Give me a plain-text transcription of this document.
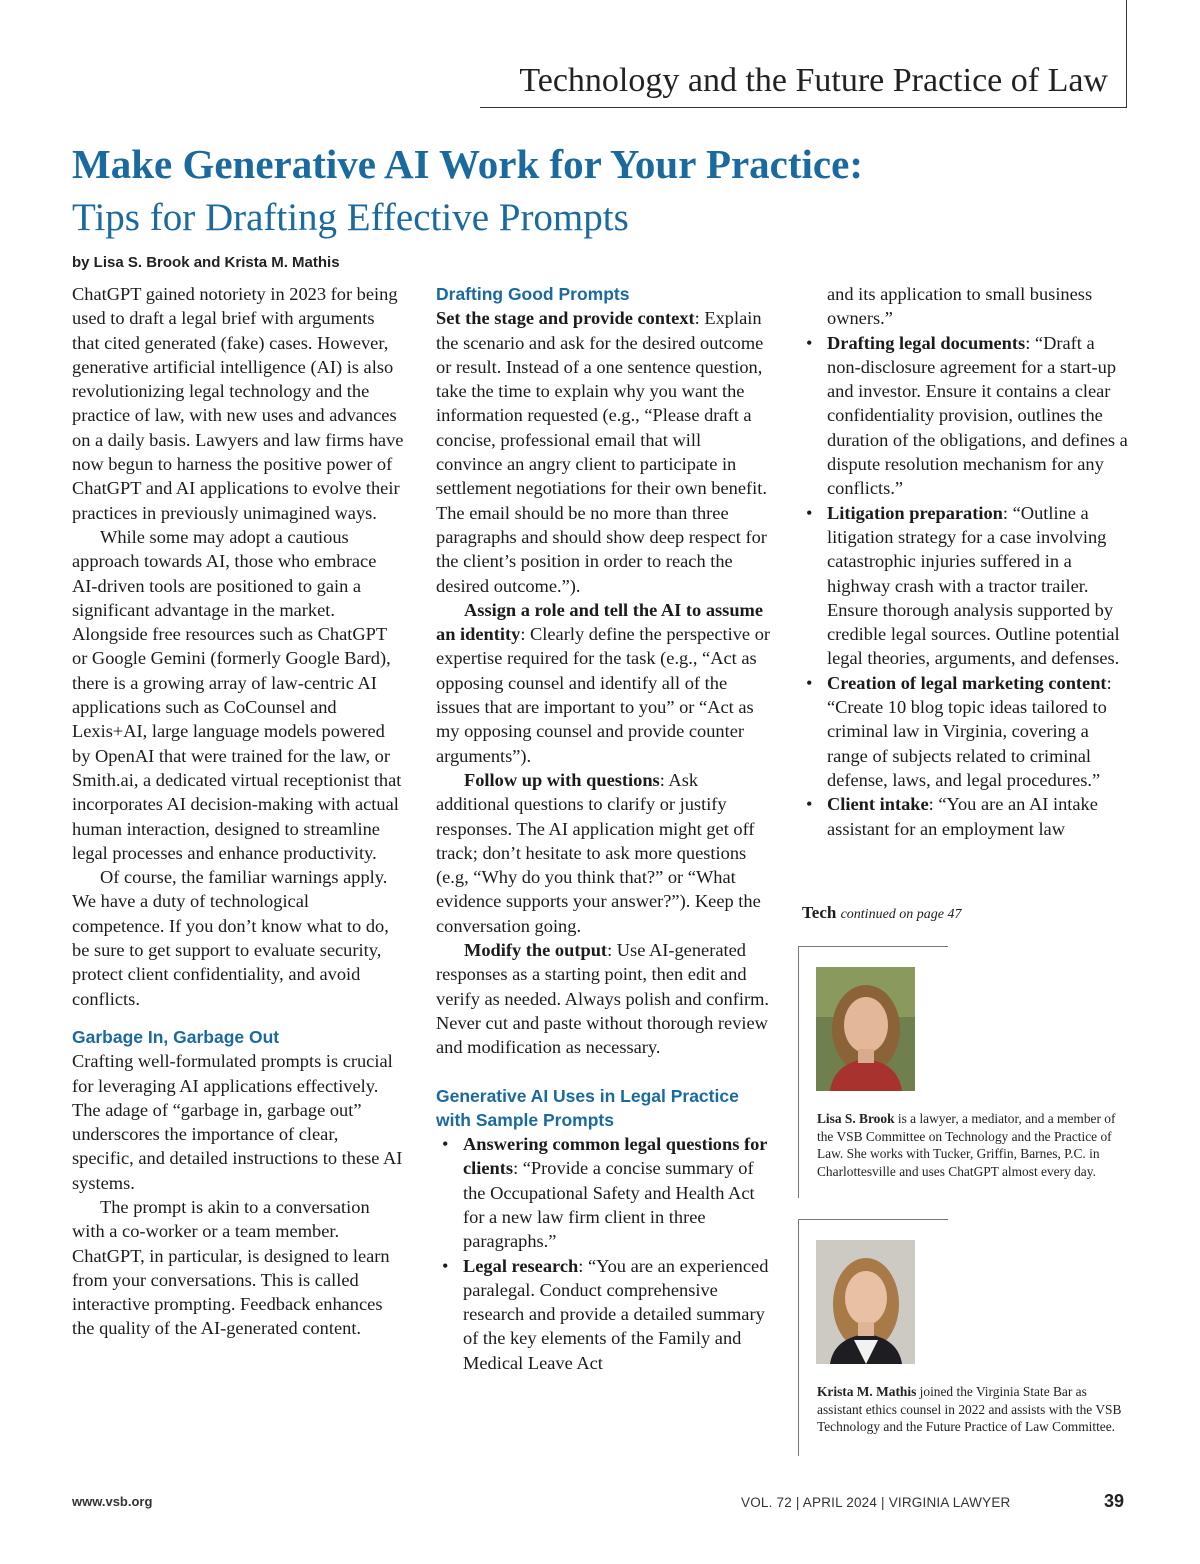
Technology and the Future Practice of Law
Make Generative AI Work for Your Practice:
Tips for Drafting Effective Prompts
by Lisa S. Brook and Krista M. Mathis

ChatGPT gained notoriety in 2023 for being used to draft a legal brief with arguments that cited generated (fake) cases. However, generative artificial intelligence (AI) is also revolutionizing legal technology and the practice of law, with new uses and advances on a daily basis. Lawyers and law firms have now begun to harness the positive power of ChatGPT and AI applications to evolve their practices in previously unimagined ways.

While some may adopt a cautious approach towards AI, those who embrace AI-driven tools are positioned to gain a significant advantage in the market. Alongside free resources such as ChatGPT or Google Gemini (formerly Google Bard), there is a growing array of law-centric AI applications such as CoCounsel and Lexis+AI, large language models powered by OpenAI that were trained for the law, or Smith.ai, a dedicated virtual receptionist that incorporates AI decision-making with actual human interaction, designed to streamline legal processes and enhance productivity.

Of course, the familiar warnings apply. We have a duty of technological competence. If you don’t know what to do, be sure to get support to evaluate security, protect client confidentiality, and avoid conflicts.

Garbage In, Garbage Out

Crafting well-formulated prompts is crucial for leveraging AI applications effectively. The adage of “garbage in, garbage out” underscores the importance of clear, specific, and detailed instructions to these AI systems.

The prompt is akin to a conversation with a co-worker or a team member. ChatGPT, in particular, is designed to learn from your conversations. This is called interactive prompting. Feedback enhances the quality of the AI-generated content.

Drafting Good Prompts

Set the stage and provide context: Explain the scenario and ask for the desired outcome or result. Instead of a one sentence question, take the time to explain why you want the information requested (e.g., “Please draft a concise, professional email that will convince an angry client to participate in settlement negotiations for their own benefit. The email should be no more than three paragraphs and should show deep respect for the client’s position in order to reach the desired outcome.”).

Assign a role and tell the AI to assume an identity: Clearly define the perspective or expertise required for the task (e.g., “Act as opposing counsel and identify all of the issues that are important to you” or “Act as my opposing counsel and provide counter arguments”).

Follow up with questions: Ask additional questions to clarify or justify responses. The AI application might get off track; don’t hesitate to ask more questions (e.g, “Why do you think that?” or “What evidence supports your answer?”). Keep the conversation going.

Modify the output: Use AI-generated responses as a starting point, then edit and verify as needed. Always polish and confirm. Never cut and paste without thorough review and modification as necessary.

Generative AI Uses in Legal Practice with Sample Prompts

• Answering common legal questions for clients: “Provide a concise summary of the Occupational Safety and Health Act for a new law firm client in three paragraphs.”
• Legal research: “You are an experienced paralegal. Conduct comprehensive research and provide a detailed summary of the key elements of the Family and Medical Leave Act

and its application to small business owners.”

• Drafting legal documents: “Draft a non-disclosure agreement for a start-up and investor. Ensure it contains a clear confidentiality provision, outlines the duration of the obligations, and defines a dispute resolution mechanism for any conflicts.”
• Litigation preparation: “Outline a litigation strategy for a case involving catastrophic injuries suffered in a highway crash with a tractor trailer. Ensure thorough analysis supported by credible legal sources. Outline potential legal theories, arguments, and defenses.
• Creation of legal marketing content: “Create 10 blog topic ideas tailored to criminal law in Virginia, covering a range of subjects related to criminal defense, laws, and legal procedures.”
• Client intake: “You are an AI intake assistant for an employment law
Tech continued on page 47
Lisa S. Brook is a lawyer, a mediator, and a member of the VSB Committee on Technology and the Practice of Law. She works with Tucker, Griffin, Barnes, P.C. in Charlottesville and uses ChatGPT almost every day.
Krista M. Mathis joined the Virginia State Bar as assistant ethics counsel in 2022 and assists with the VSB Technology and the Future Practice of Law Committee.
www.vsb.org	VOL. 72 | APRIL 2024 | VIRGINIA LAWYER	39
